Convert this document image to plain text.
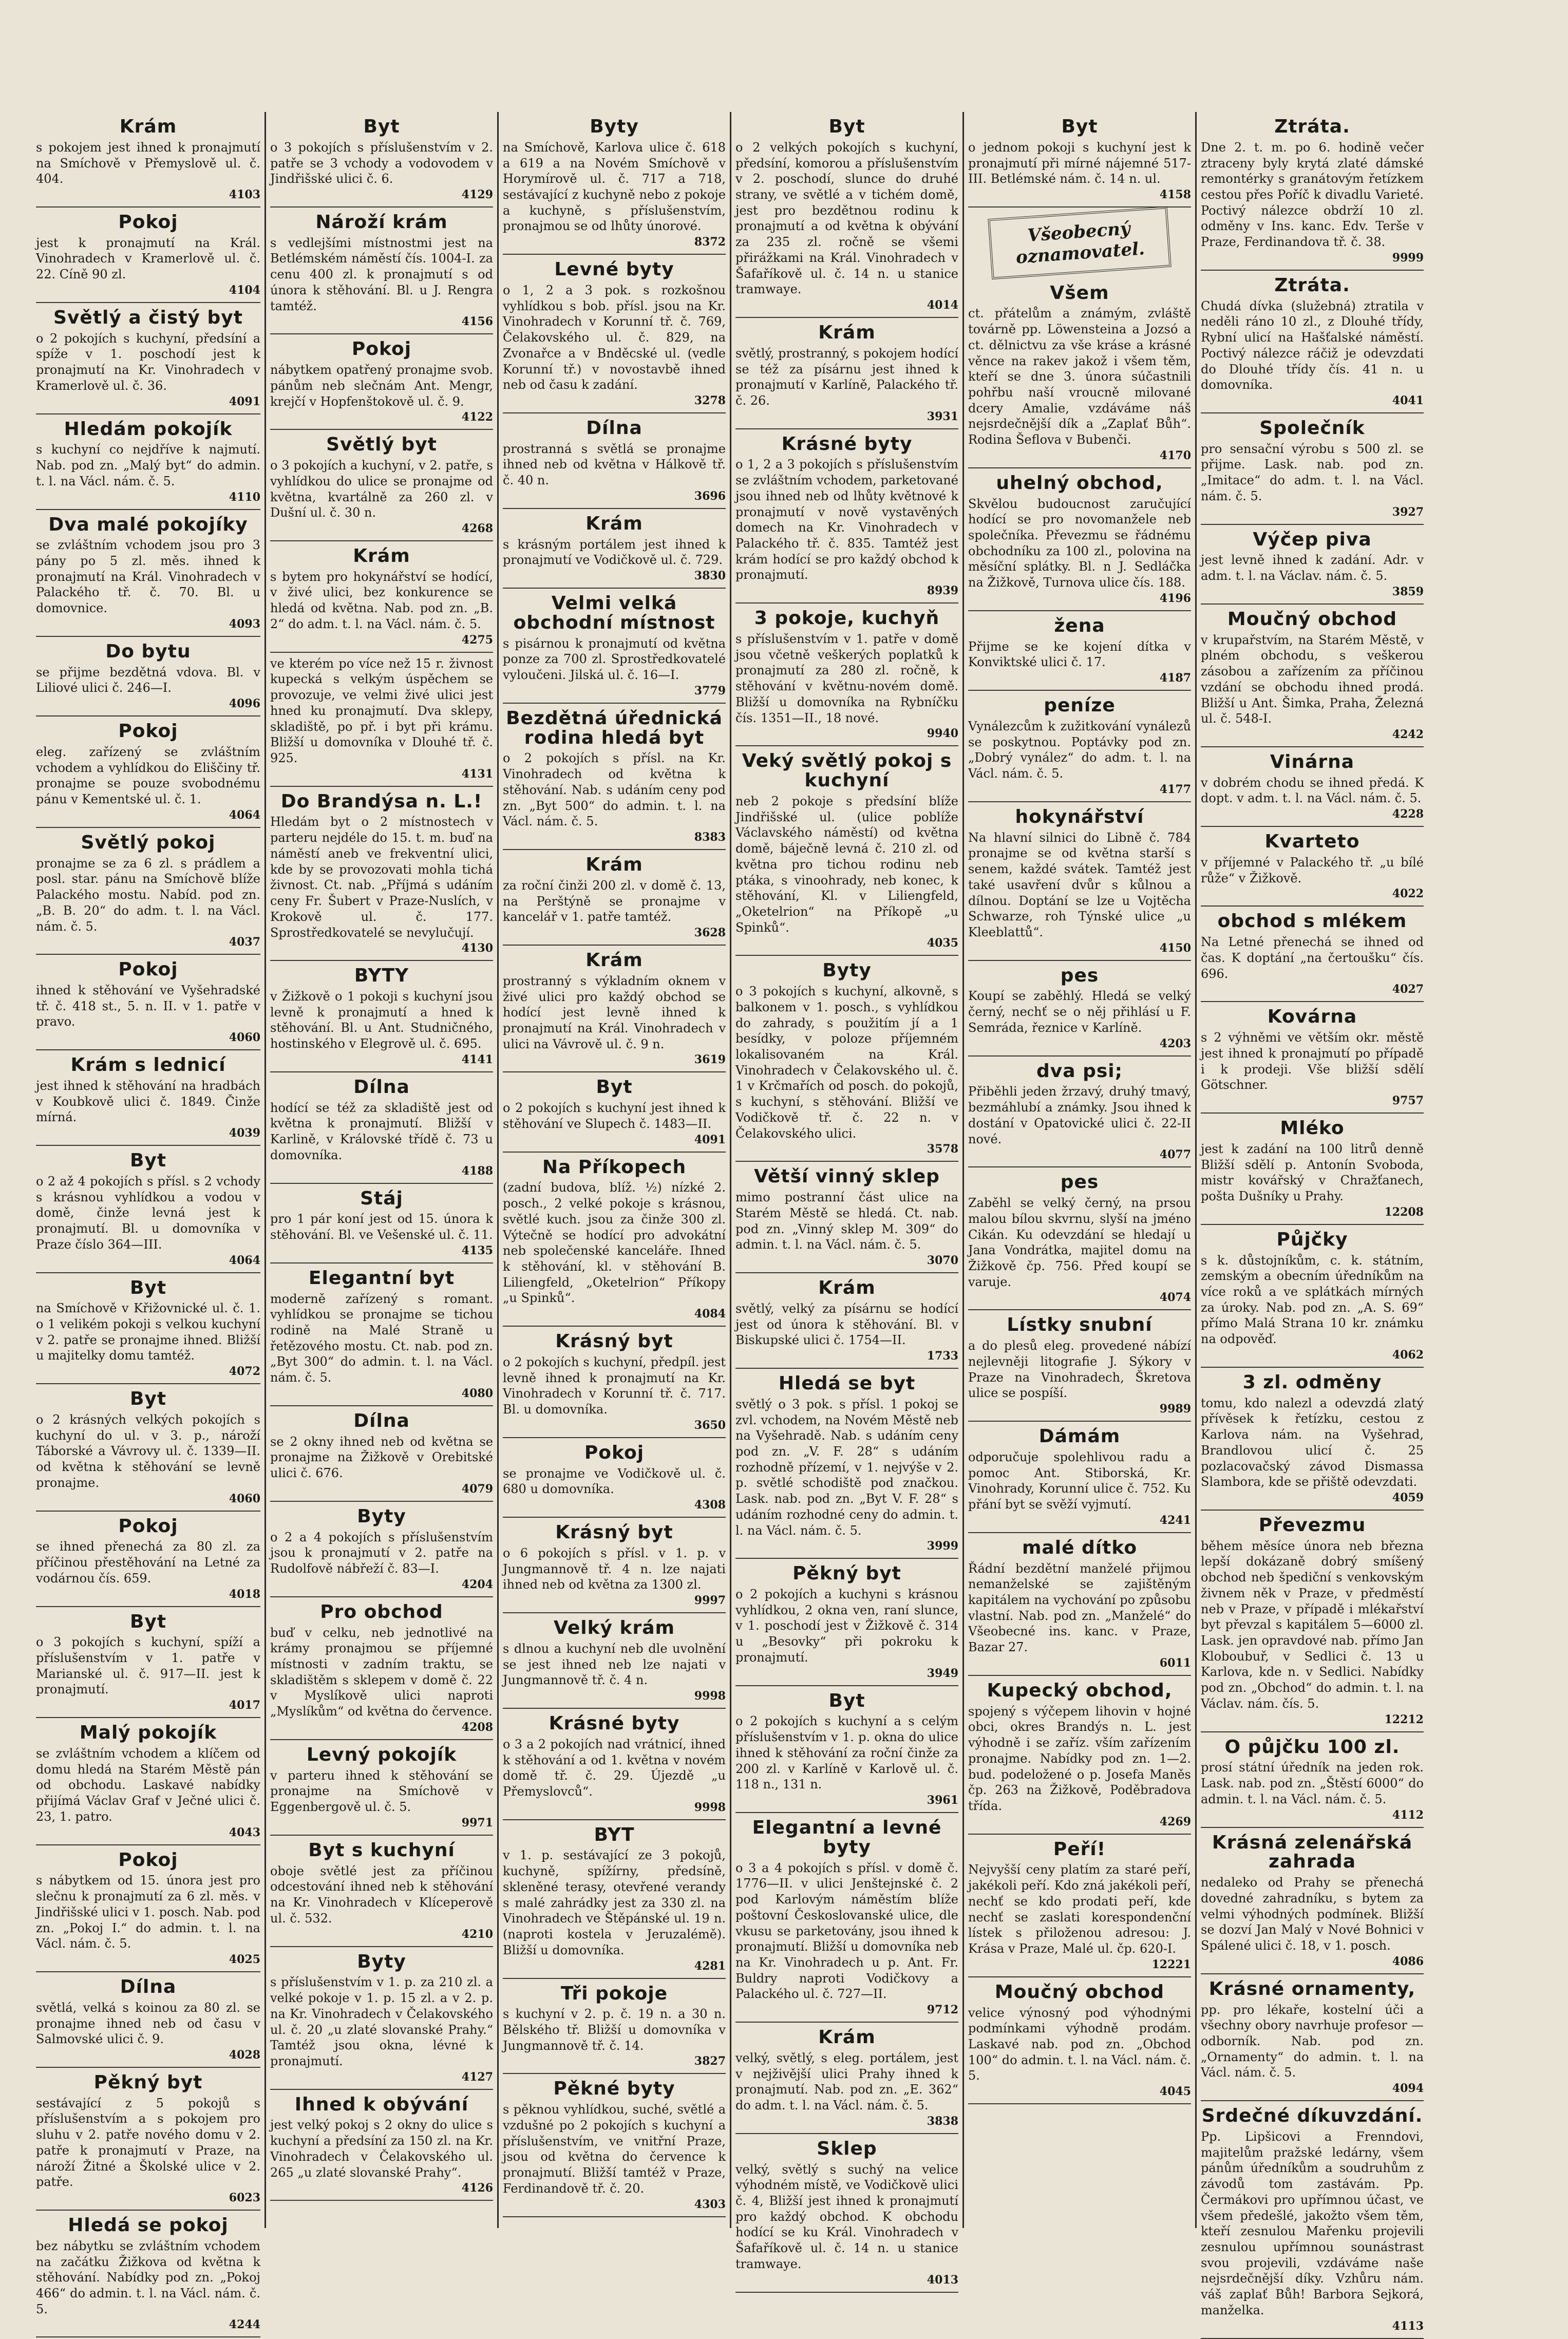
Krám

s pokojem jest ihned k pronajmutí na Smíchově v Přemyslově ul. č. 404.

4103
Pokoj

jest k pronajmutí na Král. Vinohradech v Kramerlově ul. č. 22. Cíně 90 zl.

4104
Světlý a čistý byt

o 2 pokojích s kuchyní, předsíní a spíže v 1. poschodí jest k pronajmutí na Kr. Vinohradech v Kramerlově ul. č. 36.

4091
Hledám pokojík

s kuchyní co nejdříve k najmutí. Nab. pod zn. „Malý byt“ do admin. t. l. na Václ. nám. č. 5.

4110
Dva malé pokojíky

se zvláštním vchodem jsou pro 3 pány po 5 zl. měs. ihned k pronajmutí na Král. Vinohradech v Palackého tř. č. 70. Bl. u domovnice.

4093
Do bytu

se přijme bezdětná vdova. Bl. v Liliové ulici č. 246—I.

4096
Pokoj

eleg. zařízený se zvláštním vchodem a vyhlídkou do Eliščiny tř. pronajme se pouze svobodnému pánu v Kementské ul. č. 1.

4064
Světlý pokoj

pronajme se za 6 zl. s prádlem a posl. star. pánu na Smíchově blíže Palackého mostu. Nabíd. pod zn. „B. B. 20“ do adm. t. l. na Václ. nám. č. 5.

4037
Pokoj

ihned k stěhování ve Vyšehradské tř. č. 418 st., 5. n. II. v 1. patře v pravo.

4060
Krám s lednicí

jest ihned k stěhování na hradbách v Koubkově ulici č. 1849. Činže mírná.

4039
Byt

o 2 až 4 pokojích s přísl. s 2 vchody s krásnou vyhlídkou a vodou v domě, činže levná jest k pronajmutí. Bl. u domovníka v Praze číslo 364—III.

4064
Byt

na Smíchově v Křižovnické ul. č. 1. o 1 velikém pokoji s velkou kuchyní v 2. patře se pronajme ihned. Bližší u majitelky domu tamtéž.

4072
Byt

o 2 krásných velkých pokojích s kuchyní do ul. v 3. p., nároží Táborské a Vávrovy ul. č. 1339—II. od května k stěhování se levně pronajme.

4060
Pokoj

se ihned přenechá za 80 zl. za příčinou přestěhování na Letné za vodárnou čís. 659.

4018
Byt

o 3 pokojích s kuchyní, spíží a příslušenstvím v 1. patře v Marianské ul. č. 917—II. jest k pronajmutí.

4017
Malý pokojík

se zvláštním vchodem a klíčem od domu hledá na Starém Městě pán od obchodu. Laskavé nabídky přijímá Václav Graf v Ječné ulici č. 23, 1. patro.

4043
Pokoj

s nábytkem od 15. února jest pro slečnu k pronajmutí za 6 zl. měs. v Jindřišské ulici v 1. posch. Nab. pod zn. „Pokoj I.“ do admin. t. l. na Václ. nám. č. 5.

4025
Dílna

světlá, velká s koinou za 80 zl. se pronajme ihned neb od času v Salmovské ulici č. 9.

4028
Pěkný byt

sestávající z 5 pokojů s příslušenstvím a s pokojem pro sluhu v 2. patře nového domu v 2. patře k pronajmutí v Praze, na nároží Žitné a Školské ulice v 2. patře.

6023
Hledá se pokoj

bez nábytku se zvláštním vchodem na začátku Žižkova od května k stěhování. Nabídky pod zn. „Pokoj 466“ do admin. t. l. na Václ. nám. č. 5.

4244
Byt

o 3 pokojích s příslušenstvím v 2. patře se 3 vchody a vodovodem v Jindřišské ulici č. 6.

4129
Nároží krám

s vedlejšími místnostmi jest na Betlémském náměstí čís. 1004-I. za cenu 400 zl. k pronajmutí s od února k stěhování. Bl. u J. Rengra tamtéž.

4156
Pokoj

nábytkem opatřený pronajme svob. pánům neb slečnám Ant. Mengr, krejčí v Hopfenštokově ul. č. 9.

4122
Světlý byt

o 3 pokojích a kuchyní, v 2. patře, s vyhlídkou do ulice se pronajme od května, kvartálně za 260 zl. v Dušní ul. č. 30 n.

4268
Krám

s bytem pro hokynářství se hodící, v živé ulici, bez konkurence se hledá od května. Nab. pod zn. „B. 2“ do adm. t. l. na Václ. nám. č. 5.

4275

ve kterém po více než 15 r. živnost kupecká s velkým úspěchem se provozuje, ve velmi živé ulici jest hned ku pronajmutí. Dva sklepy, skladiště, po př. i byt při krámu. Bližší u domovníka v Dlouhé tř. č. 925.

4131
Do Brandýsa n. L.!

Hledám byt o 2 místnostech v parteru nejdéle do 15. t. m. buď na náměstí aneb ve frekventní ulici, kde by se provozovati mohla tichá živnost. Ct. nab. „Příjmá s udáním ceny Fr. Šubert v Praze-Nuslích, v Krokově ul. č. 177. Sprostředkovatelé se nevylučují.

4130
BYTY

v Žižkově o 1 pokoji s kuchyní jsou levně k pronajmutí a hned k stěhování. Bl. u Ant. Studničného, hostinského v Elegrově ul. č. 695.

4141
Dílna

hodící se též za skladiště jest od května k pronajmutí. Bližší v Karlině, v Královské třídě č. 73 u domovníka.

4188
Stáj

pro 1 pár koní jest od 15. února k stěhování. Bl. ve Vešenské ul. č. 11.

4135
Elegantní byt

moderně zařízený s romant. vyhlídkou se pronajme se tichou rodině na Malé Straně u řetězového mostu. Ct. nab. pod zn. „Byt 300“ do admin. t. l. na Václ. nám. č. 5.

4080
Dílna

se 2 okny ihned neb od května se pronajme na Žižkově v Orebitské ulici č. 676.

4079
Byty

o 2 a 4 pokojích s příslušenstvím jsou k pronajmutí v 2. patře na Rudolfově nábřeží č. 83—I.

4204
Pro obchod

buď v celku, neb jednotlivé na krámy pronajmou se příjemné místnosti v zadním traktu, se skladištěm s sklepem v domě č. 22 v Myslíkově ulici naproti „Myslíkům“ od května do července.

4208
Levný pokojík

v parteru ihned k stěhování se pronajme na Smíchově v Eggenbergově ul. č. 5.

9971
Byt s kuchyní

oboje světlé jest za příčinou odcestování ihned neb k stěhování na Kr. Vinohradech v Klíceperově ul. č. 532.

4210
Byty

s příslušenstvím v 1. p. za 210 zl. a velké pokoje v 1. p. 15 zl. a v 2. p. na Kr. Vinohradech v Čelakovského ul. č. 20 „u zlaté slovanské Prahy.“ Tamtéž jsou okna, lévné k pronajmutí.

4127
Ihned k obývání

jest velký pokoj s 2 okny do ulice s kuchyní a předsíní za 150 zl. na Kr. Vinohradech v Čelakovského ul. 265 „u zlaté slovanské Prahy“.

4126
Byty

na Smíchově, Karlova ulice č. 618 a 619 a na Novém Smíchově v Horymírově ul. č. 717 a 718, sestávající z kuchyně nebo z pokoje a kuchyně, s příslušenstvím, pronajmou se od lhůty únorové.

8372
Levné byty

o 1, 2 a 3 pok. s rozkošnou vyhlídkou s bob. přísl. jsou na Kr. Vinohradech v Korunní tř. č. 769, Čelakovského ul. č. 829, na Zvonařce a v Bnděcské ul. (vedle Korunní tř.) v novostavbě ihned neb od času k zadání.

3278
Dílna

prostranná s světlá se pronajme ihned neb od května v Hálkově tř. č. 40 n.

3696
Krám

s krásným portálem jest ihned k pronajmutí ve Vodičkově ul. č. 729.

3830
Velmi velká obchodní místnost

s pisárnou k pronajmutí od května ponze za 700 zl. Sprostředkovatelé vyloučeni. Jilská ul. č. 16—I.

3779
Bezdětná úřednická rodina hledá byt

o 2 pokojích s přísl. na Kr. Vinohradech od května k stěhování. Nab. s udáním ceny pod zn. „Byt 500“ do admin. t. l. na Václ. nám. č. 5.

8383
Krám

za roční činži 200 zl. v domě č. 13, na Perštýně se pronajme v kancelář v 1. patře tamtéž.

3628
Krám

prostranný s výkladním oknem v živé ulici pro každý obchod se hodící jest levně ihned k pronajmutí na Král. Vinohradech v ulici na Vávrově ul. č. 9 n.

3619
Byt

o 2 pokojích s kuchyní jest ihned k stěhování ve Slupech č. 1483—II.

4091
Na Příkopech

(zadní budova, blíž. ½) nízké 2. posch., 2 velké pokoje s krásnou, světlé kuch. jsou za činže 300 zl. Výtečně se hodící pro advokátní neb společenské kanceláře. Ihned k stěhování, kl. v stěhování B. Liliengfeld, „Oketelrion“ Příkopy „u Spinků“.

4084
Krásný byt

o 2 pokojích s kuchyní, předpíl. jest levně ihned k pronajmutí na Kr. Vinohradech v Korunní tř. č. 717. Bl. u domovníka.

3650
Pokoj

se pronajme ve Vodičkově ul. č. 680 u domovníka.

4308
Krásný byt

o 6 pokojích s přísl. v 1. p. v Jungmannově tř. 4 n. lze najati ihned neb od května za 1300 zl.

9997
Velký krám

s dlnou a kuchyní neb dle uvolnění se jest ihned neb lze najati v Jungmannově tř. č. 4 n.

9998
Krásné byty

o 3 a 2 pokojích nad vrátnicí, ihned k stěhování a od 1. května v novém domě tř. č. 29. Újezdě „u Přemyslovců“.

9998
BYT

v 1. p. sestávající ze 3 pokojů, kuchyně, spížírny, předsíně, skleněné terasy, otevřené verandy s malé zahrádky jest za 330 zl. na Vinohradech ve Štěpánské ul. 19 n. (naproti kostela v Jeruzalémě). Bližší u domovníka.

4281
Tři pokoje

s kuchyní v 2. p. č. 19 n. a 30 n. Bělského tř. Bližší u domovníka v Jungmannově tř. č. 14.

3827
Pěkné byty

s pěknou vyhlídkou, suché, světlé a vzdušné po 2 pokojích s kuchyní a příslušenstvím, ve vnitřní Praze, jsou od května do července k pronajmutí. Bližší tamtéž v Praze, Ferdinandově tř. č. 20.

4303
Byt

o 2 velkých pokojích s kuchyní, předsíní, komorou a příslušenstvím v 2. poschodí, slunce do druhé strany, ve světlé a v tichém domě, jest pro bezdětnou rodinu k pronajmutí a od května k obývání za 235 zl. ročně se všemi přirážkami na Král. Vinohradech v Šafaříkově ul. č. 14 n. u stanice tramwaye.

4014
Krám

světlý, prostranný, s pokojem hodící se též za písárnu jest ihned k pronajmutí v Karlíně, Palackého tř. č. 26.

3931
Krásné byty

o 1, 2 a 3 pokojích s příslušenstvím se zvláštním vchodem, parketované jsou ihned neb od lhůty květnové k pronajmutí v nově vystavěných domech na Kr. Vinohradech v Palackého tř. č. 835. Tamtéž jest krám hodící se pro každý obchod k pronajmutí.

8939
3 pokoje, kuchyň

s příslušenstvím v 1. patře v domě jsou včetně veškerých poplatků k pronajmutí za 280 zl. ročně, k stěhování v květnu-novém domě. Bližší u domovníka na Rybníčku čís. 1351—II., 18 nové.

9940
Veký světlý pokoj s kuchyní

neb 2 pokoje s předsíní blíže Jindřišské ul. (ulice poblíže Václavského náměstí) od května domě, báječně levná č. 210 zl. od května pro tichou rodinu neb ptáka, s vinoohrady, neb konec, k stěhování, Kl. v Liliengfeld, „Oketelrion“ na Příkopě „u Spinků“.

4035
Byty

o 3 pokojích s kuchyní, alkovně, s balkonem v 1. posch., s vyhlídkou do zahrady, s použitím jí a 1 besídky, v poloze příjemném lokalisovaném na Král. Vinohradech v Čelakovského ul. č. 1 v Krčmařích od posch. do pokojů, s kuchyní, s stěhování. Bližší ve Vodičkově tř. č. 22 n. v Čelakovského ulici.

3578
Větší vinný sklep

mimo postranní část ulice na Starém Městě se hledá. Ct. nab. pod zn. „Vinný sklep M. 309“ do admin. t. l. na Václ. nám. č. 5.

3070
Krám

světlý, velký za písárnu se hodící jest od února k stěhování. Bl. v Biskupské ulici č. 1754—II.

1733
Hledá se byt

světlý o 3 pok. s přísl. 1 pokoj se zvl. vchodem, na Novém Městě neb na Vyšehradě. Nab. s udáním ceny pod zn. „V. F. 28“ s udáním rozhodně přízemí, v 1. nejvýše v 2. p. světlé schodiště pod značkou. Lask. nab. pod zn. „Byt V. F. 28“ s udáním rozhodné ceny do admin. t. l. na Václ. nám. č. 5.

3999
Pěkný byt

o 2 pokojích a kuchyni s krásnou vyhlídkou, 2 okna ven, raní slunce, v 1. poschodí jest v Žižkově č. 314 u „Besovky“ při pokroku k pronajmutí.

3949
Byt

o 2 pokojích s kuchyní a s celým příslušenstvím v 1. p. okna do ulice ihned k stěhování za roční činže za 200 zl. v Karlíně v Karlově ul. č. 118 n., 131 n.

3961
Elegantní a levné byty

o 3 a 4 pokojích s přísl. v domě č. 1776—II. v ulici Jenštejnské č. 2 pod Karlovým náměstím blíže poštovní Českoslovanské ulice, dle vkusu se parketovány, jsou ihned k pronajmutí. Bližší u domovníka neb na Kr. Vinohradech u p. Ant. Fr. Buldry naproti Vodičkovy a Palackého ul. č. 727—II.

9712
Krám

velký, světlý, s eleg. portálem, jest v nejživější ulici Prahy ihned k pronajmutí. Nab. pod zn. „E. 362“ do adm. t. l. na Václ. nám. č. 5.

3838
Sklep

velký, světlý s suchý na velice výhodném místě, ve Vodičkově ulici č. 4, Bližší jest ihned k pronajmutí pro každý obchod. K obchodu hodící se ku Král. Vinohradech v Šafaříkově ul. č. 14 n. u stanice tramwaye.

4013
Byt

o jednom pokoji s kuchyní jest k pronajmutí při mírné nájemné 517-III. Betlémské nám. č. 14 n. ul.

4158
Všeobecný oznamovatel.
Všem

ct. přátelům a známým, zvláště továrně pp. Löwensteina a Jozsó a ct. dělnictvu za vše kráse a krásné věnce na rakev jakož i všem těm, kteří se dne 3. února súčastnili pohřbu naší vroucně milované dcery Amalie, vzdáváme náš nejsrdečnější dík a „Zaplať Bůh“. Rodina Šeflova v Bubenči.

4170
uhelný obchod,

Skvělou budoucnost zaručující hodící se pro novomanžele neb společníka. Převezmu se řádnému obchodníku za 100 zl., polovina na měsíční splátky. Bl. n J. Sedláčka na Žižkově, Turnova ulice čís. 188.

4196
žena

Přijme se ke kojení dítka v Konviktské ulici č. 17.

4187
peníze

Vynálezcům k zužitkování vynálezů se poskytnou. Poptávky pod zn. „Dobrý vynález“ do adm. t. l. na Václ. nám. č. 5.

4177
hokynářství

Na hlavní silnici do Libně č. 784 pronajme se od května starší s senem, každé svátek. Tamtéž jest také usavření dvůr s kůlnou a dílnou. Doptání se lze u Vojtěcha Schwarze, roh Týnské ulice „u Kleeblattů“.

4150
pes

Koupí se zaběhlý. Hledá se velký černý, nechť se o něj přihlásí u F. Semráda, řeznice v Karlíně.

4203
dva psi;

Přiběhli jeden žrzavý, druhý tmavý, bezmáhlubí a známky. Jsou ihned k dostání v Opatovické ulici č. 22-II nové.

4077
pes

Zaběhl se velký černý, na prsou malou bílou skvrnu, slyší na jméno Cikán. Ku odevzdání se hledají u Jana Vondrátka, majitel domu na Žižkově čp. 756. Před koupí se varuje.

4074
Lístky snubní

a do plesů eleg. provedené nábízí nejlevněji litografie J. Sýkory v Praze na Vinohradech, Škretova ulice se pospíší.

9989
Dámám

odporučuje spolehlivou radu a pomoc Ant. Stiborská, Kr. Vinohrady, Korunní ulice č. 752. Ku přání byt se svěží vyjmutí.

4241
malé dítko

Řádní bezdětní manželé přijmou nemanželské se zajištěným kapitálem na vychování po způsobu vlastní. Nab. pod zn. „Manželé“ do Všeobecné ins. kanc. v Praze, Bazar 27.

6011
Kupecký obchod,

spojený s výčepem lihovin v hojné obci, okres Brandýs n. L. jest výhodně i se zaříz. vším zařízením pronajme. Nabídky pod zn. 1—2. bud. podeložené o p. Josefa Maněs čp. 263 na Žižkově, Poděbradova třída.

4269
Peří!

Nejvyšší ceny platím za staré peří, jakékoli peří. Kdo zná jakékoli peří, nechť se kdo prodati peří, kde nechť se zaslati korespondenční lístek s přiloženou adresou: J. Krása v Praze, Malé ul. čp. 620-I.

12221
Moučný obchod

velice výnosný pod výhodnými podmínkami výhodně prodám. Laskavé nab. pod zn. „Obchod 100“ do admin. t. l. na Václ. nám. č. 5.

4045
Ztráta.

Dne 2. t. m. po 6. hodině večer ztraceny byly krytá zlaté dámské remontérky s granátovým řetízkem cestou přes Poříč k divadlu Varieté. Poctivý nálezce obdrží 10 zl. odměny v Ins. kanc. Edv. Terše v Praze, Ferdinandova tř. č. 38.

9999
Ztráta.

Chudá dívka (služebná) ztratila v neděli ráno 10 zl., z Dlouhé třídy, Rybní ulicí na Hašťalské náměstí. Poctivý nálezce ráčiž je odevzdati do Dlouhé třídy čís. 41 n. u domovníka.

4041
Společník

pro sensační výrobu s 500 zl. se přijme. Lask. nab. pod zn. „Imitace“ do adm. t. l. na Václ. nám. č. 5.

3927
Výčep piva

jest levně ihned k zadání. Adr. v adm. t. l. na Václav. nám. č. 5.

3859
Moučný obchod

v krupařstvím, na Starém Městě, v plném obchodu, s veškerou zásobou a zařízením za příčinou vzdání se obchodu ihned prodá. Bližší u Ant. Šimka, Praha, Železná ul. č. 548-I.

4242
Vinárna

v dobrém chodu se ihned předá. K dopt. v adm. t. l. na Václ. nám. č. 5.

4228
Kvarteto

v příjemné v Palackého tř. „u bílé růže“ v Žižkově.

4022
obchod s mlékem

Na Letné přenechá se ihned od čas. K doptání „na čertoušku“ čís. 696.

4027
Kovárna

s 2 výhněmi ve větším okr. městě jest ihned k pronajmutí po případě i k prodeji. Vše bližší sdělí Götschner.

9757
Mléko

jest k zadání na 100 litrů denně Bližší sdělí p. Antonín Svoboda, mistr kovářský v Chražťanech, pošta Dušníky u Prahy.

12208
Půjčky

s k. důstojníkům, c. k. státním, zemským a obecním úředníkům na více roků a ve splátkách mírných za úroky. Nab. pod zn. „A. S. 69“ přímo Malá Strana 10 kr. známku na odpověď.

4062
3 zl. odměny

tomu, kdo nalezl a odevzdá zlatý přívěsek k řetízku, cestou z Karlova nám. na Vyšehrad, Brandlovou ulicí č. 25 pozlacovačský závod Dismassa Slambora, kde se přiště odevzdati.

4059
Převezmu

během měsíce února neb března lepší dokázaně dobrý smíšený obchod neb špediční s venkovským živnem něk v Praze, v předměstí neb v Praze, v případě i mlékařství byt převzal s kapitálem 5—6000 zl. Lask. jen opravdové nab. přímo Jan Kloboubuř, v Sedlici č. 13 u Karlova, kde n. v Sedlici. Nabídky pod zn. „Obchod“ do admin. t. l. na Václav. nám. čís. 5.

12212
O půjčku 100 zl.

prosí státní úředník na jeden rok. Lask. nab. pod zn. „Štěstí 6000“ do admin. t. l. na Václ. nám. č. 5.

4112
Krásná zelenářská zahrada

nedaleko od Prahy se přenechá dovedné zahradníku, s bytem za velmi výhodných podmínek. Bližší se dozví Jan Malý v Nové Bohnici v Spálené ulici č. 18, v 1. posch.

4086
Krásné ornamenty,

pp. pro lékaře, kostelní úči a všechny obory navrhuje profesor — odborník. Nab. pod zn. „Ornamenty“ do admin. t. l. na Václ. nám. č. 5.

4094
Srdečné díkuvzdání.

Pp. Lipšicovi a Frenndovi, majitelům pražské ledárny, všem pánům úředníkům a soudruhům z závodů tom zastávám. Pp. Čermákovi pro upřímnou účast, ve všem předešlé, jakožto všem těm, kteří zesnulou Mařenku projevili zesnulou upřímnou sounástrast svou projevili, vzdáváme naše nejsrdečnější díky. Vzhůru nám. váš zaplať Bůh! Barbora Sejkorá, manželka.

4113
